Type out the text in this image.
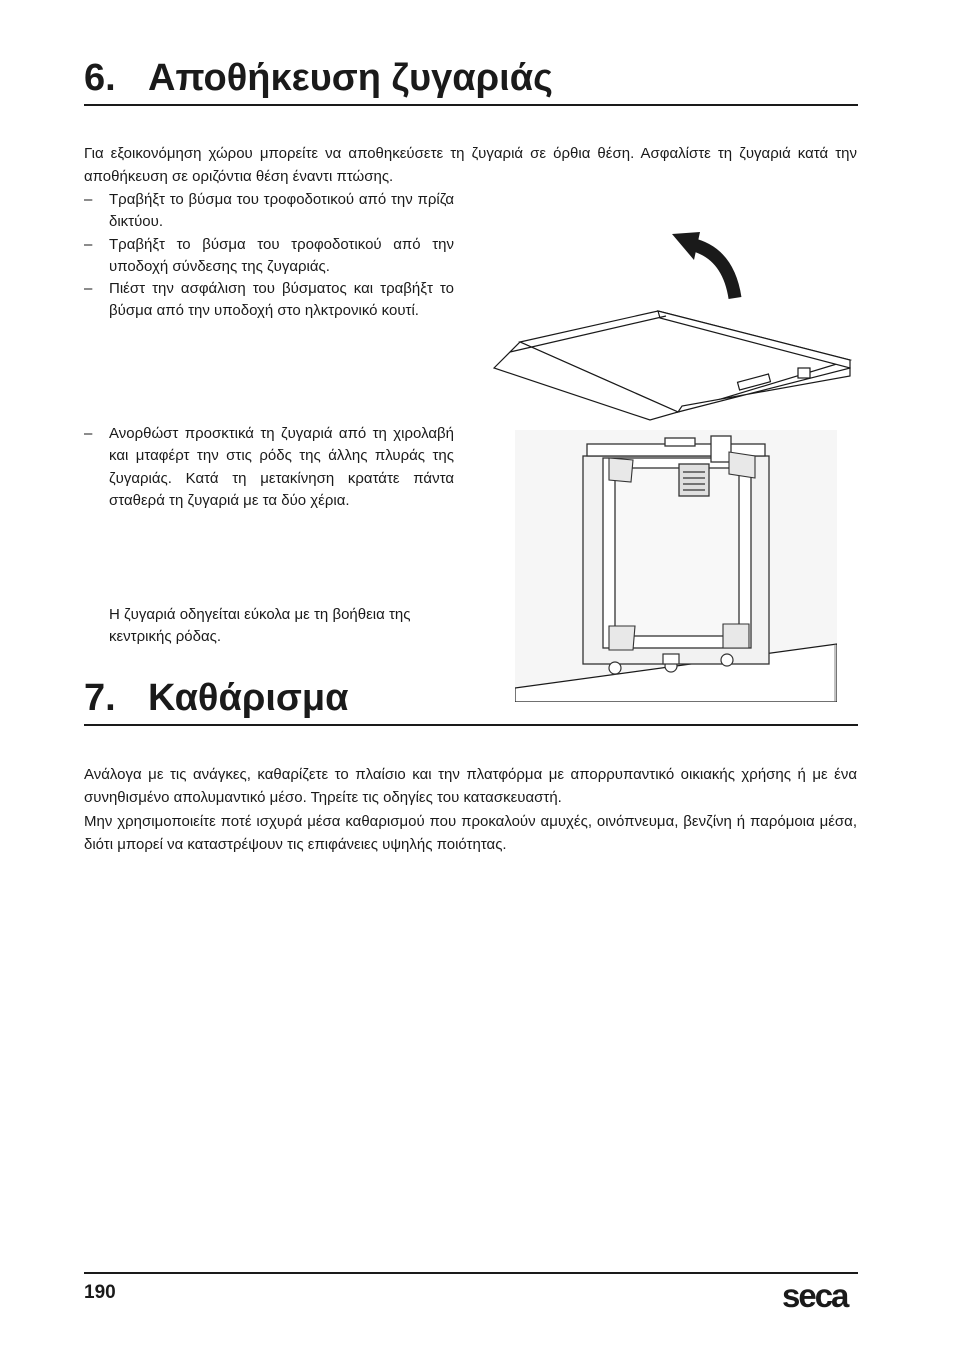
6. Αποθήκευση ζυγαριάς
Για εξοικονόμηση χώρου μπορείτε να αποθηκεύσετε τη ζυγαριά σε όρθια θέση. Ασφαλίστε τη ζυγαριά κατά την αποθήκευση σε οριζόντια θέση έναντι πτώσης.
– Τραβήξτ το βύσμα του τροφοδοτικού από την πρίζα δικτύου.
– Τραβήξτ το βύσμα του τροφοδοτικού από την υποδοχή σύνδεσης της ζυγαριάς.
– Πιέστ την ασφάλιση του βύσματος και τραβήξτ το βύσμα από την υποδοχή στο ηλκτρονικό κουτί.
– Ανορθώστ προσκτικά τη ζυγαριά από τη χιρολαβή και μταφέρτ την στις ρόδς της άλλης πλυράς της ζυγαριάς. Κατά τη μετακίνηση κρατάτε πάντα σταθερά τη ζυγαριά με τα δύο χέρια.
Η ζυγαριά οδηγείται εύκολα με τη βοήθεια της κεντρικής ρόδας.
7. Καθάρισμα
Ανάλογα με τις ανάγκες, καθαρίζετε το πλαίσιο και την πλατφόρμα με απορρυπαντικό οικιακής χρήσης ή με ένα συνηθισμένο απολυμαντικό μέσο. Τηρείτε τις οδηγίες του κατασκευαστή.
Μην χρησιμοποιείτε ποτέ ισχυρά μέσα καθαρισμού που προκαλούν αμυχές, οινόπνευμα, βενζίνη ή παρόμοια μέσα, διότι μπορεί να καταστρέψουν τις επιφάνειες υψηλής ποιότητας.
190	seca
